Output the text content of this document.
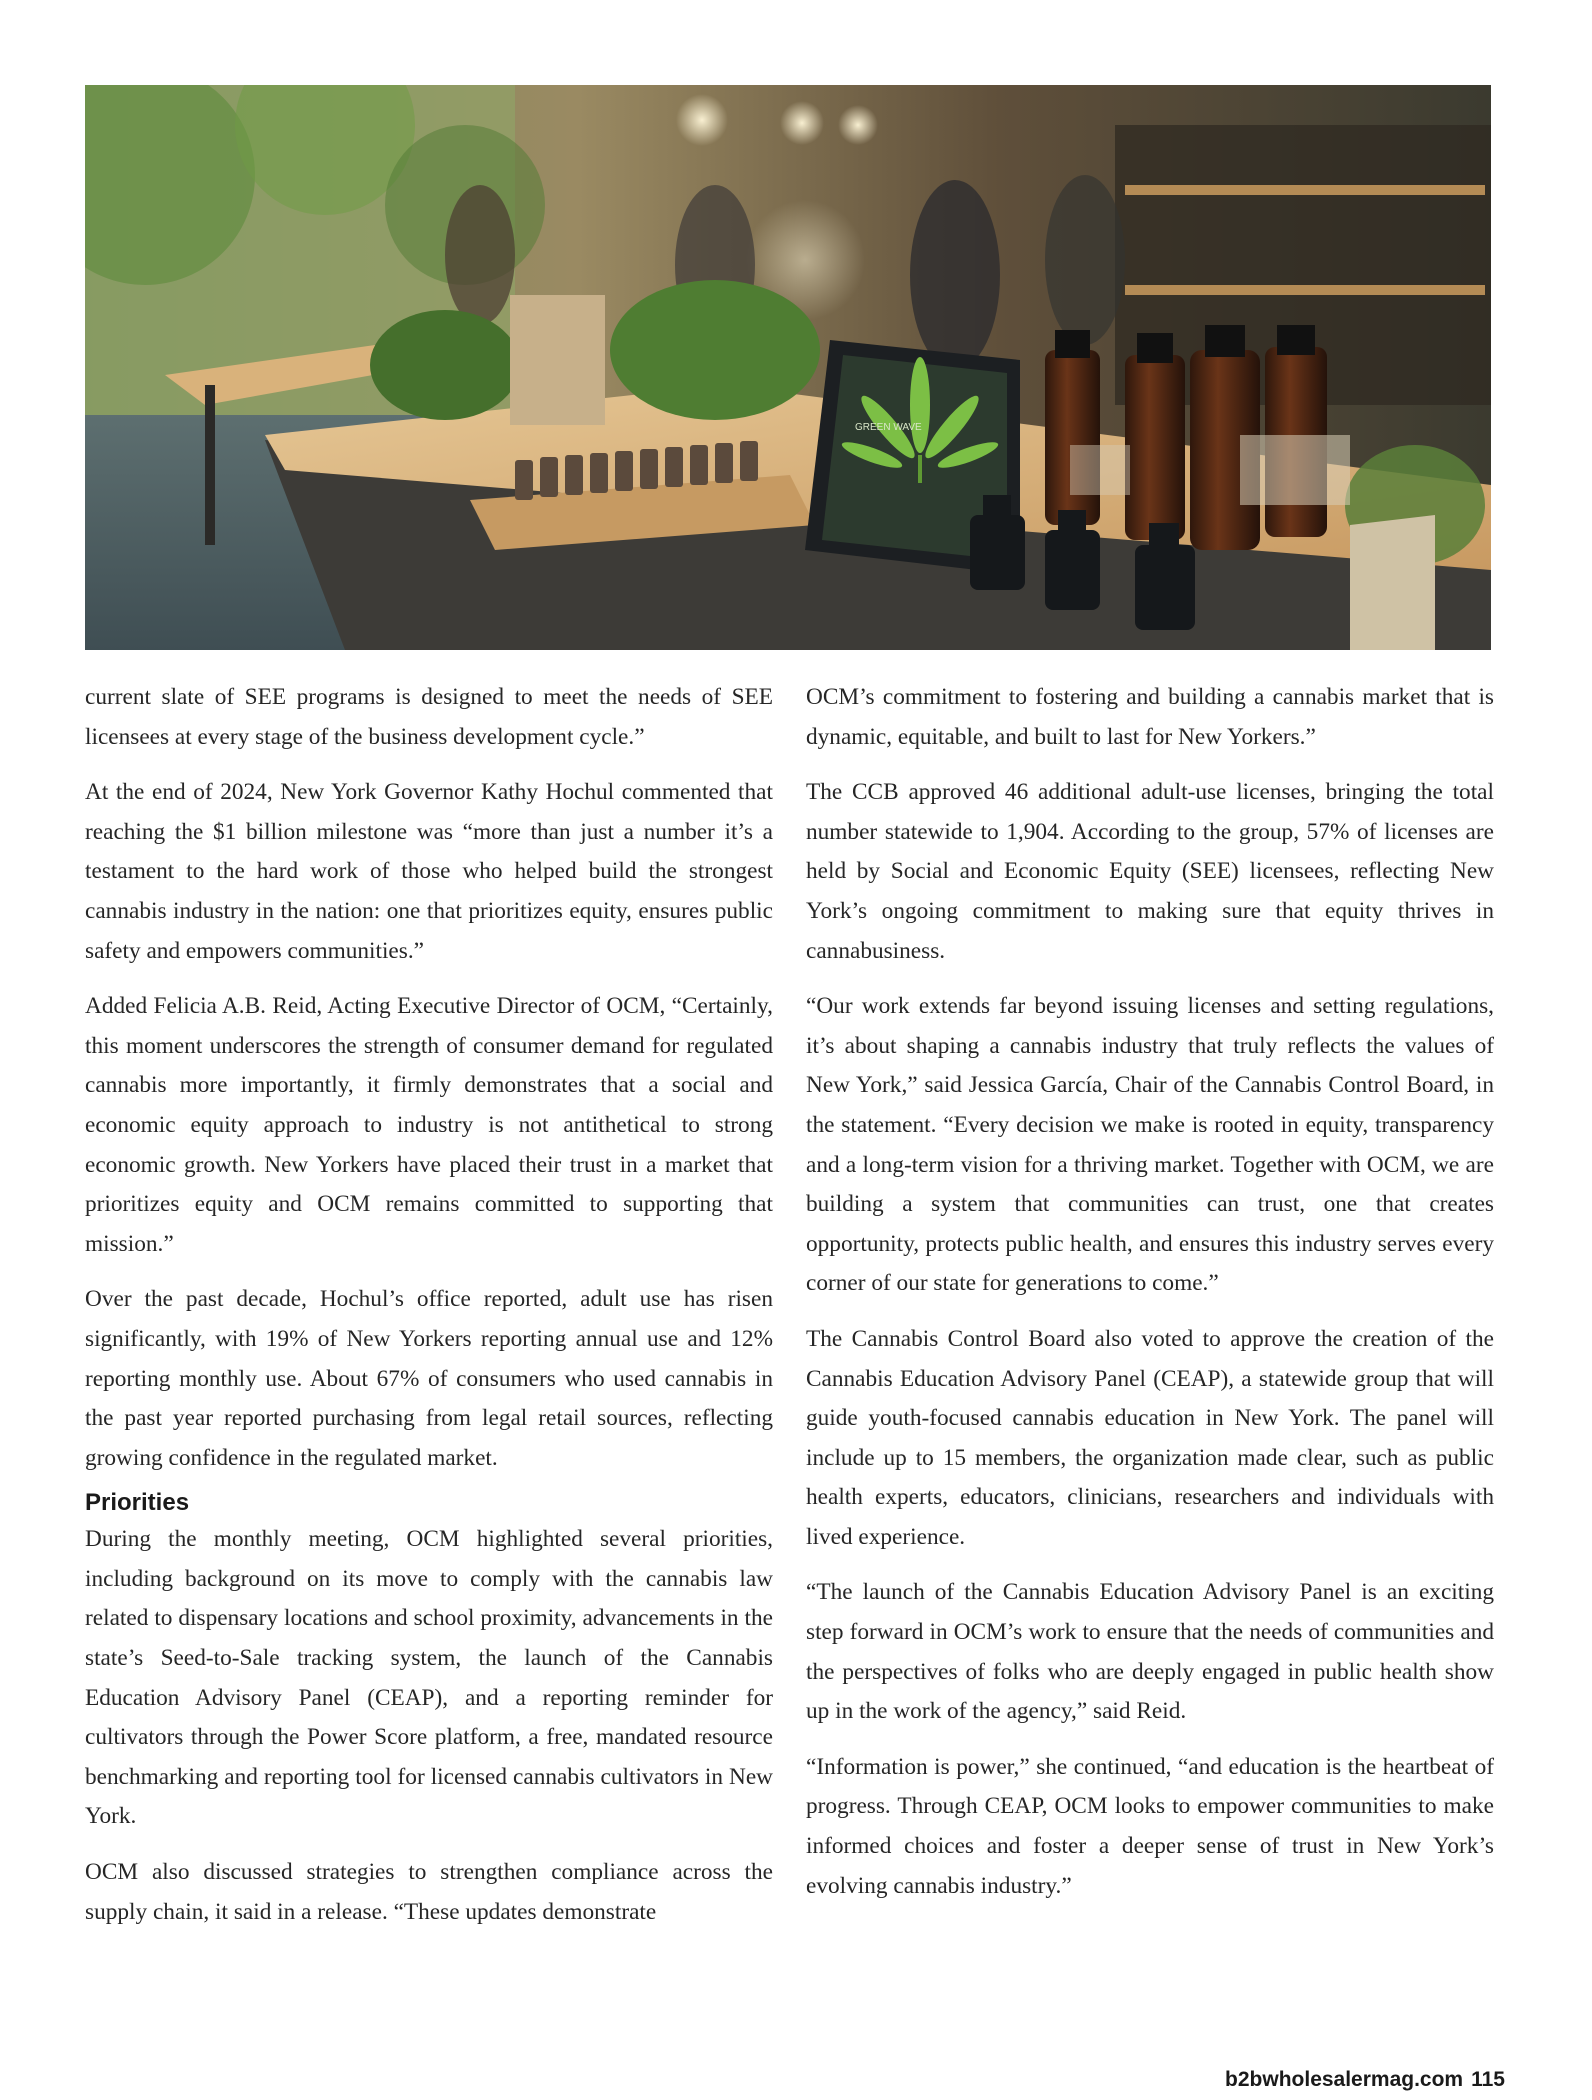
GREEN WAVE

current slate of SEE programs is designed to meet the needs of SEE licensees at every stage of the business development cycle.”

At the end of 2024, New York Governor Kathy Hochul commented that reaching the $1 billion milestone was “more than just a number it’s a testament to the hard work of those who helped build the strongest cannabis industry in the nation: one that prioritizes equity, ensures public safety and empowers communities.”

Added Felicia A.B. Reid, Acting Executive Director of OCM, “Certainly, this moment underscores the strength of consumer demand for regulated cannabis more importantly, it firmly demonstrates that a social and economic equity approach to industry is not antithetical to strong economic growth. New Yorkers have placed their trust in a market that prioritizes equity and OCM remains committed to supporting that mission.”

Over the past decade, Hochul’s office reported, adult use has risen significantly, with 19% of New Yorkers reporting annual use and 12% reporting monthly use. About 67% of consumers who used cannabis in the past year reported purchasing from legal retail sources, reflecting growing confidence in the regulated market.

Priorities

During the monthly meeting, OCM highlighted several priorities, including background on its move to comply with the cannabis law related to dispensary locations and school proximity, advancements in the state’s Seed-to-Sale tracking system, the launch of the Cannabis Education Advisory Panel (CEAP), and a reporting reminder for cultivators through the Power Score platform, a free, mandated resource benchmarking and reporting tool for licensed cannabis cultivators in New York.

OCM also discussed strategies to strengthen compliance across the supply chain, it said in a release. “These updates demonstrate

OCM’s commitment to fostering and building a cannabis market that is dynamic, equitable, and built to last for New Yorkers.”

The CCB approved 46 additional adult-use licenses, bringing the total number statewide to 1,904. According to the group, 57% of licenses are held by Social and Economic Equity (SEE) licensees, reflecting New York’s ongoing commitment to making sure that equity thrives in cannabusiness.

“Our work extends far beyond issuing licenses and setting regulations, it’s about shaping a cannabis industry that truly reflects the values of New York,” said Jessica García, Chair of the Cannabis Control Board, in the statement. “Every decision we make is rooted in equity, transparency and a long-term vision for a thriving market. Together with OCM, we are building a system that communities can trust, one that creates opportunity, protects public health, and ensures this industry serves every corner of our state for generations to come.”

The Cannabis Control Board also voted to approve the creation of the Cannabis Education Advisory Panel (CEAP), a statewide group that will guide youth-focused cannabis education in New York. The panel will include up to 15 members, the organization made clear, such as public health experts, educators, clinicians, researchers and individuals with lived experience.

“The launch of the Cannabis Education Advisory Panel is an exciting step forward in OCM’s work to ensure that the needs of communities and the perspectives of folks who are deeply engaged in public health show up in the work of the agency,” said Reid.

“Information is power,” she continued, “and education is the heartbeat of progress. Through CEAP, OCM looks to empower communities to make informed choices and foster a deeper sense of trust in New York’s evolving cannabis industry.”

b2bwholesalermag.com 115
